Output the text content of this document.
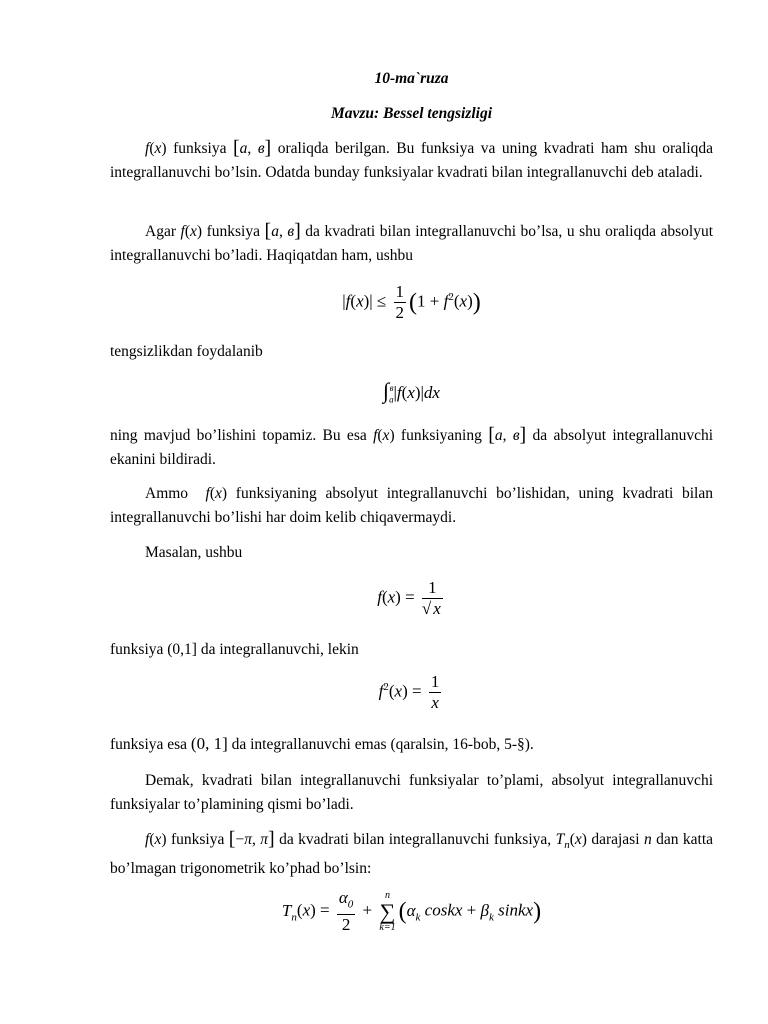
10-ma`ruza
Mavzu: Bessel tengsizligi

f(x) funksiya [a, в] oraliqda berilgan. Bu funksiya va uning kvadrati ham shu oraliqda integrallanuvchi bo’lsin. Odatda bunday funksiyalar kvadrati bilan integrallanuvchi deb ataladi.

Agar f(x) funksiya [a, в] da kvadrati bilan integrallanuvchi bo’lsa, u shu oraliqda absolyut integrallanuvchi bo’ladi. Haqiqatdan ham, ushbu

$|f(x)| \le \frac{1}{2} (1 + f^2(x))$

tengsizlikdan foydalanib

$\int_a^в|f(x)|dx$

ning mavjud bo’lishini topamiz. Bu esa f(x) funksiyaning [a, в] da absolyut integrallanuvchi ekanini bildiradi.

Ammo f(x) funksiyaning absolyut integrallanuvchi bo’lishidan, uning kvadrati bilan integrallanuvchi bo’lishi har doim kelib chiqavermaydi.

Masalan, ushbu

$f(x) = \frac{1}{√ x}$

funksiya (0,1] da integrallanuvchi, lekin

$f^2(x) = \frac{1}{x}$

funksiya esa (0, 1] da integrallanuvchi emas (qaralsin, 16-bob, 5-§).

Demak, kvadrati bilan integrallanuvchi funksiyalar to’plami, absolyut integrallanuvchi funksiyalar to’plamining qismi bo’ladi.

f(x) funksiya [−π, π] da kvadrati bilan integrallanuvchi funksiya, $T_n(x)$ darajasi n dan katta bo’lmagan trigonometrik ko’phad bo’lsin:

$T_n(x) = \frac{\alpha_0}{2}$ +
n
∑
k=1
($\alpha_k$ coskx + $\beta_k$ sinkx)
